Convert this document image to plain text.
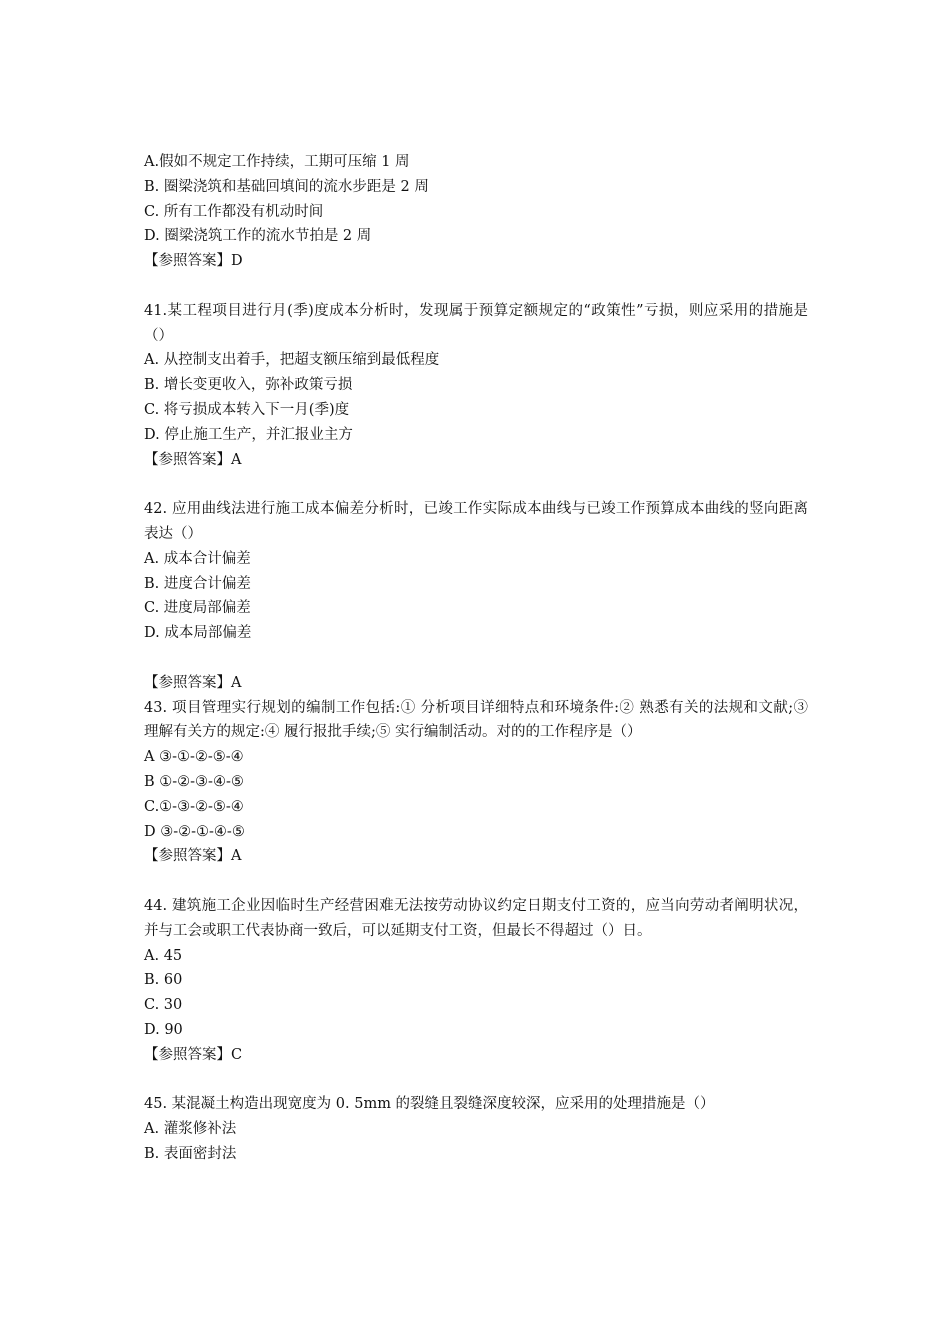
A.假如不规定工作持续，工期可压缩 1 周
B. 圈梁浇筑和基础回填间的流水步距是 2 周
C. 所有工作都没有机动时间
D. 圈梁浇筑工作的流水节拍是 2 周
【参照答案】D
41.某工程项目进行月(季)度成本分析时，发现属于预算定额规定的“政策性”亏损，则应采用的措施是（）
A. 从控制支出着手，把超支额压缩到最低程度
B. 增长变更收入，弥补政策亏损
C. 将亏损成本转入下一月(季)度
D. 停止施工生产，并汇报业主方
【参照答案】A
42. 应用曲线法进行施工成本偏差分析时，已竣工作实际成本曲线与已竣工作预算成本曲线的竖向距离表达（）
A. 成本合计偏差
B. 进度合计偏差
C. 进度局部偏差
D. 成本局部偏差
【参照答案】A
43. 项目管理实行规划的编制工作包括:① 分析项目详细特点和环境条件:② 熟悉有关的法规和文献;③ 理解有关方的规定:④ 履行报批手续;⑤ 实行编制活动。对的的工作程序是（）
A ③-①-②-⑤-④
B ①-②-③-④-⑤
C.①-③-②-⑤-④
D ③-②-①-④-⑤
【参照答案】A
44. 建筑施工企业因临时生产经营困难无法按劳动协议约定日期支付工资的，应当向劳动者阐明状况，并与工会或职工代表协商一致后，可以延期支付工资，但最长不得超过（）日。
A. 45
B. 60
C. 30
D. 90
【参照答案】C
45. 某混凝土构造出现宽度为 0. 5mm 的裂缝且裂缝深度较深，应采用的处理措施是（）
A. 灌浆修补法
B. 表面密封法
